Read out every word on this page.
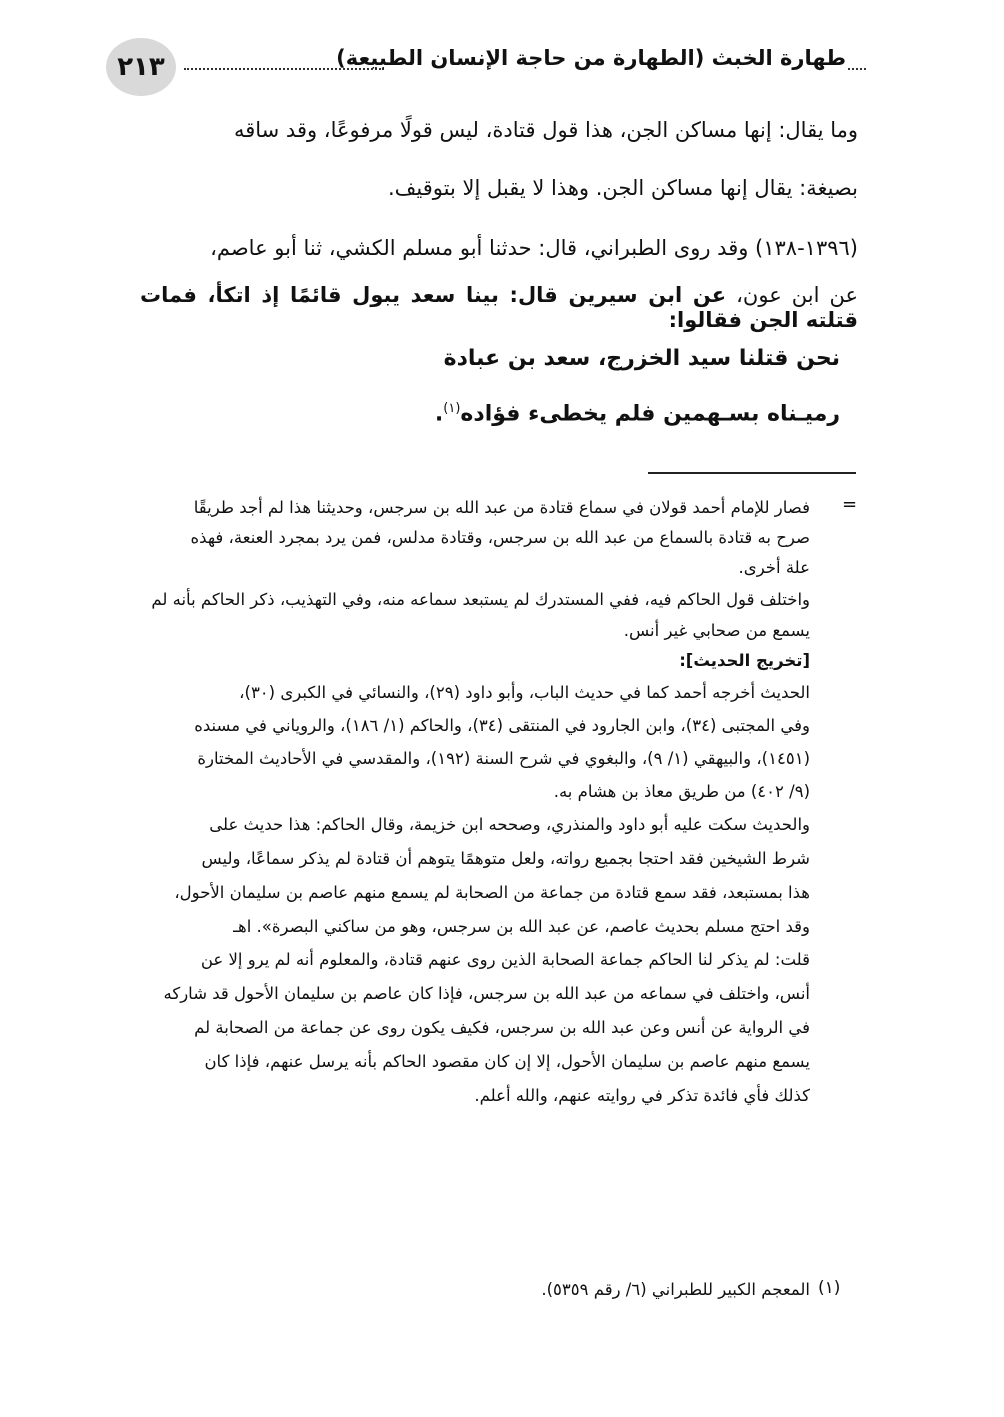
٢١٣	طهارة الخبث (الطهارة من حاجة الإنسان الطبيعة)
وما يقال: إنها مساكن الجن، هذا قول قتادة، ليس قولًا مرفوعًا، وقد ساقه
بصيغة: يقال إنها مساكن الجن. وهذا لا يقبل إلا بتوقيف.
(١٣٩٦-١٣٨) وقد روى الطبراني، قال: حدثنا أبو مسلم الكشي، ثنا أبو عاصم،
عن ابن عون، عن ابن سيرين قال: بينا سعد يبول قائمًا إذ اتكأ، فمات قتلته الجن فقالوا:
نحن قتلنا سيد الخزرج، سعد بن عبادة
رميـناه بسـهمين فلم يخطىء فؤاده$^{(١)}$.
=
فصار للإمام أحمد قولان في سماع قتادة من عبد الله بن سرجس، وحديثنا هذا لم أجد طريقًا
صرح به قتادة بالسماع من عبد الله بن سرجس، وقتادة مدلس، فمن يرد بمجرد العنعة، فهذه
علة أخرى.
واختلف قول الحاكم فيه، ففي المستدرك لم يستبعد سماعه منه، وفي التهذيب، ذكر الحاكم بأنه لم
يسمع من صحابي غير أنس.
[تخريج الحديث]:
الحديث أخرجه أحمد كما في حديث الباب، وأبو داود (٢٩)، والنسائي في الكبرى (٣٠)،
وفي المجتبى (٣٤)، وابن الجارود في المنتقى (٣٤)، والحاكم (١/ ١٨٦)، والروياني في مسنده
(١٤٥١)، والبيهقي (١/ ٩)، والبغوي في شرح السنة (١٩٢)، والمقدسي في الأحاديث المختارة
(٩/ ٤٠٢) من طريق معاذ بن هشام به.
والحديث سكت عليه أبو داود والمنذري، وصححه ابن خزيمة، وقال الحاكم: هذا حديث على
شرط الشيخين فقد احتجا بجميع رواته، ولعل متوهمًا يتوهم أن قتادة لم يذكر سماعًا، وليس
هذا بمستبعد، فقد سمع قتادة من جماعة من الصحابة لم يسمع منهم عاصم بن سليمان الأحول،
وقد احتج مسلم بحديث عاصم، عن عبد الله بن سرجس، وهو من ساكني البصرة». اهـ
قلت: لم يذكر لنا الحاكم جماعة الصحابة الذين روى عنهم قتادة، والمعلوم أنه لم يرو إلا عن
أنس، واختلف في سماعه من عبد الله بن سرجس، فإذا كان عاصم بن سليمان الأحول قد شاركه
في الرواية عن أنس وعن عبد الله بن سرجس، فكيف يكون روى عن جماعة من الصحابة لم
يسمع منهم عاصم بن سليمان الأحول، إلا إن كان مقصود الحاكم بأنه يرسل عنهم، فإذا كان
كذلك فأي فائدة تذكر في روايته عنهم، والله أعلم.
(١)
المعجم الكبير للطبراني (٦/ رقم ٥٣٥٩).
